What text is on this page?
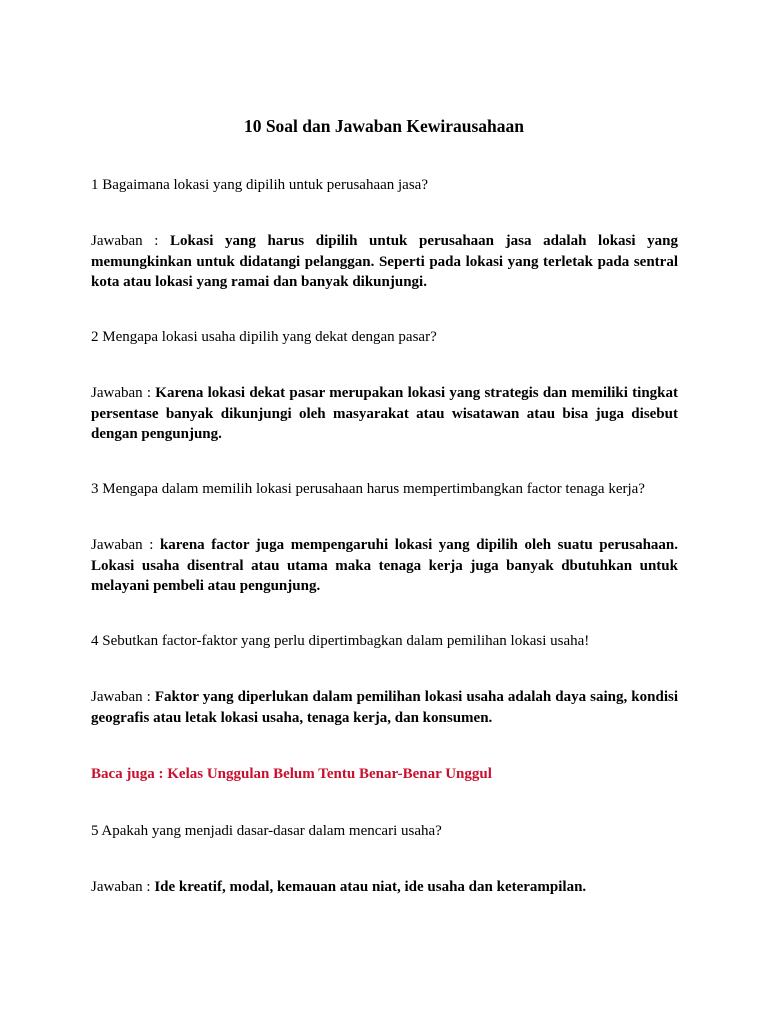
10 Soal dan Jawaban Kewirausahaan
1 Bagaimana lokasi yang dipilih untuk perusahaan jasa?
Jawaban : Lokasi yang harus dipilih untuk perusahaan jasa adalah lokasi yang memungkinkan untuk didatangi pelanggan. Seperti pada lokasi yang terletak pada sentral kota atau lokasi yang ramai dan banyak dikunjungi.
2 Mengapa lokasi usaha dipilih yang dekat dengan pasar?
Jawaban : Karena lokasi dekat pasar merupakan lokasi yang strategis dan memiliki tingkat persentase banyak dikunjungi oleh masyarakat atau wisatawan atau bisa juga disebut dengan pengunjung.
3 Mengapa dalam memilih lokasi perusahaan harus mempertimbangkan factor tenaga kerja?
Jawaban : karena factor juga mempengaruhi lokasi yang dipilih oleh suatu perusahaan. Lokasi usaha disentral atau utama maka tenaga kerja juga banyak dbutuhkan untuk melayani pembeli atau pengunjung.
4 Sebutkan factor-faktor yang perlu dipertimbagkan dalam pemilihan lokasi usaha!
Jawaban : Faktor yang diperlukan dalam pemilihan lokasi usaha adalah daya saing, kondisi geografis atau letak lokasi usaha, tenaga kerja, dan konsumen.
Baca juga : Kelas Unggulan Belum Tentu Benar-Benar Unggul
5 Apakah yang menjadi dasar-dasar dalam mencari usaha?
Jawaban : Ide kreatif, modal, kemauan atau niat, ide usaha dan keterampilan.
